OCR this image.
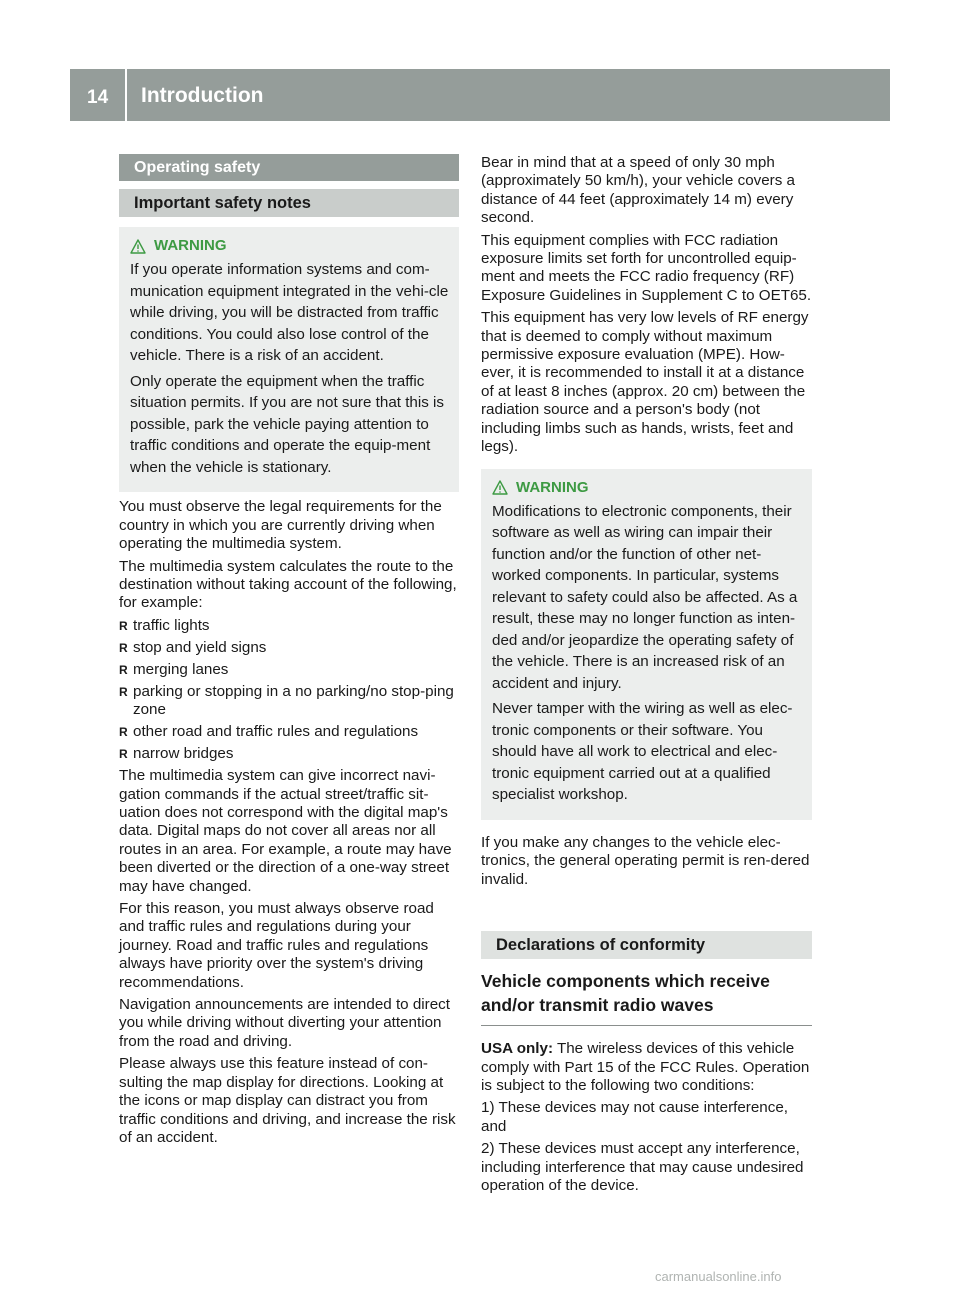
14 Introduction
Operating safety
Important safety notes
WARNING

If you operate information systems and com-munication equipment integrated in the vehi-cle while driving, you will be distracted from traffic conditions. You could also lose control of the vehicle. There is a risk of an accident.

Only operate the equipment when the traffic situation permits. If you are not sure that this is possible, park the vehicle paying attention to traffic conditions and operate the equip-ment when the vehicle is stationary.

You must observe the legal requirements for the country in which you are currently driving when operating the multimedia system.

The multimedia system calculates the route to the destination without taking account of the following, for example:

R traffic lights
R stop and yield signs
R merging lanes
R parking or stopping in a no parking/no stop-ping zone
R other road and traffic rules and regulations
R narrow bridges

The multimedia system can give incorrect navi-gation commands if the actual street/traffic sit-uation does not correspond with the digital map's data. Digital maps do not cover all areas nor all routes in an area. For example, a route may have been diverted or the direction of a one-way street may have changed.

For this reason, you must always observe road and traffic rules and regulations during your journey. Road and traffic rules and regulations always have priority over the system's driving recommendations.

Navigation announcements are intended to direct you while driving without diverting your attention from the road and driving.

Please always use this feature instead of con-sulting the map display for directions. Looking at the icons or map display can distract you from traffic conditions and driving, and increase the risk of an accident.

Bear in mind that at a speed of only 30 mph (approximately 50 km/h), your vehicle covers a distance of 44 feet (approximately 14 m) every second.

This equipment complies with FCC radiation exposure limits set forth for uncontrolled equip-ment and meets the FCC radio frequency (RF) Exposure Guidelines in Supplement C to OET65.

This equipment has very low levels of RF energy that is deemed to comply without maximum permissive exposure evaluation (MPE). How-ever, it is recommended to install it at a distance of at least 8 inches (approx. 20 cm) between the radiation source and a person's body (not including limbs such as hands, wrists, feet and legs).

WARNING

Modifications to electronic components, their software as well as wiring can impair their function and/or the function of other net-worked components. In particular, systems relevant to safety could also be affected. As a result, these may no longer function as inten-ded and/or jeopardize the operating safety of the vehicle. There is an increased risk of an accident and injury.

Never tamper with the wiring as well as elec-tronic components or their software. You should have all work to electrical and elec-tronic equipment carried out at a qualified specialist workshop.

If you make any changes to the vehicle elec-tronics, the general operating permit is ren-dered invalid.

Declarations of conformity
Vehicle components which receive and/or transmit radio waves

USA only: The wireless devices of this vehicle comply with Part 15 of the FCC Rules. Operation is subject to the following two conditions:

1) These devices may not cause interference, and

2) These devices must accept any interference, including interference that may cause undesired operation of the device.

carmanualsonline.info
